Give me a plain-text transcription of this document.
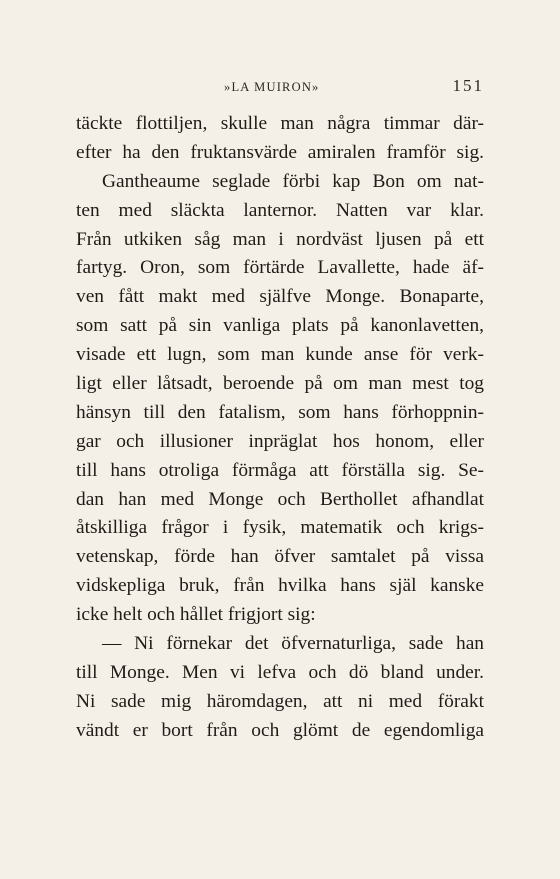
»LA MUIRON»	151
täckte flottiljen, skulle man några timmar där-
efter ha den fruktansvärde amiralen framför sig.
Gantheaume seglade förbi kap Bon om nat-
ten med släckta lanternor. Natten var klar.
Från utkiken såg man i nordväst ljusen på ett
fartyg. Oron, som förtärde Lavallette, hade äf-
ven fått makt med själfve Monge. Bonaparte,
som satt på sin vanliga plats på kanonlavetten,
visade ett lugn, som man kunde anse för verk-
ligt eller låtsadt, beroende på om man mest tog
hänsyn till den fatalism, som hans förhoppnin-
gar och illusioner inpräglat hos honom, eller
till hans otroliga förmåga att förställa sig. Se-
dan han med Monge och Berthollet afhandlat
åtskilliga frågor i fysik, matematik och krigs-
vetenskap, förde han öfver samtalet på vissa
vidskepliga bruk, från hvilka hans själ kanske
icke helt och hållet frigjort sig:
— Ni förnekar det öfvernaturliga, sade han
till Monge. Men vi lefva och dö bland under.
Ni sade mig häromdagen, att ni med förakt
vändt er bort från och glömt de egendomliga
